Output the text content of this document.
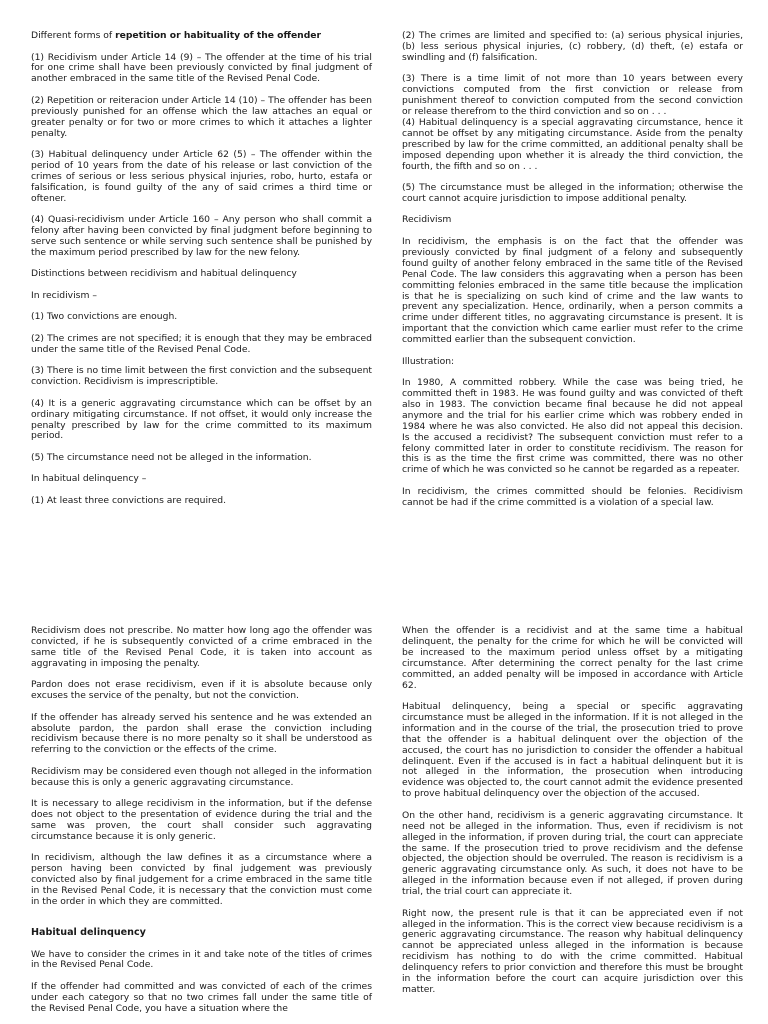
Different forms of repetition or habituality of the offender

(1) Recidivism under Article 14 (9) – The offender at the time of his trial for one crime shall have been previously convicted by final judgment of another embraced in the same title of the Revised Penal Code.

(2) Repetition or reiteracion under Article 14 (10) – The offender has been previously punished for an offense which the law attaches an equal or greater penalty or for two or more crimes to which it attaches a lighter penalty.

(3) Habitual delinquency under Article 62 (5) – The offender within the period of 10 years from the date of his release or last conviction of the crimes of serious or less serious physical injuries, robo, hurto, estafa or falsification, is found guilty of the any of said crimes a third time or oftener.

(4) Quasi-recidivism under Article 160 – Any person who shall commit a felony after having been convicted by final judgment before beginning to serve such sentence or while serving such sentence shall be punished by the maximum period prescribed by law for the new felony.

Distinctions between recidivism and habitual delinquency

In recidivism –

(1) Two convictions are enough.

(2) The crimes are not specified; it is enough that they may be embraced under the same title of the Revised Penal Code.

(3) There is no time limit between the first conviction and the subsequent conviction. Recidivism is imprescriptible.

(4) It is a generic aggravating circumstance which can be offset by an ordinary mitigating circumstance. If not offset, it would only increase the penalty prescribed by law for the crime committed to its maximum period.

(5) The circumstance need not be alleged in the information.

In habitual delinquency –

(1) At least three convictions are required.

(2) The crimes are limited and specified to: (a) serious physical injuries, (b) less serious physical injuries, (c) robbery, (d) theft, (e) estafa or swindling and (f) falsification.

(3) There is a time limit of not more than 10 years between every convictions computed from the first conviction or release from punishment thereof to conviction computed from the second conviction or release therefrom to the third conviction and so on . . .
(4) Habitual delinquency is a special aggravating circumstance, hence it cannot be offset by any mitigating circumstance. Aside from the penalty prescribed by law for the crime committed, an additional penalty shall be imposed depending upon whether it is already the third conviction, the fourth, the fifth and so on . . .

(5) The circumstance must be alleged in the information; otherwise the court cannot acquire jurisdiction to impose additional penalty.

Recidivism

In recidivism, the emphasis is on the fact that the offender was previously convicted by final judgment of a felony and subsequently found guilty of another felony embraced in the same title of the Revised Penal Code. The law considers this aggravating when a person has been committing felonies embraced in the same title because the implication is that he is specializing on such kind of crime and the law wants to prevent any specialization. Hence, ordinarily, when a person commits a crime under different titles, no aggravating circumstance is present. It is important that the conviction which came earlier must refer to the crime committed earlier than the subsequent conviction.

Illustration:

In 1980, A committed robbery. While the case was being tried, he committed theft in 1983. He was found guilty and was convicted of theft also in 1983. The conviction became final because he did not appeal anymore and the trial for his earlier crime which was robbery ended in 1984 where he was also convicted. He also did not appeal this decision. Is the accused a recidivist? The subsequent conviction must refer to a felony committed later in order to constitute recidivism. The reason for this is as the time the first crime was committed, there was no other crime of which he was convicted so he cannot be regarded as a repeater.

In recidivism, the crimes committed should be felonies. Recidivism cannot be had if the crime committed is a violation of a special law.

Recidivism does not prescribe. No matter how long ago the offender was convicted, if he is subsequently convicted of a crime embraced in the same title of the Revised Penal Code, it is taken into account as aggravating in imposing the penalty.

Pardon does not erase recidivism, even if it is absolute because only excuses the service of the penalty, but not the conviction.

If the offender has already served his sentence and he was extended an absolute pardon, the pardon shall erase the conviction including recidivism because there is no more penalty so it shall be understood as referring to the conviction or the effects of the crime.

Recidivism may be considered even though not alleged in the information because this is only a generic aggravating circumstance.

It is necessary to allege recidivism in the information, but if the defense does not object to the presentation of evidence during the trial and the same was proven, the court shall consider such aggravating circumstance because it is only generic.

In recidivism, although the law defines it as a circumstance where a person having been convicted by final judgement was previously convicted also by final judgement for a crime embraced in the same title in the Revised Penal Code, it is necessary that the conviction must come in the order in which they are committed.

Habitual delinquency

We have to consider the crimes in it and take note of the titles of crimes in the Revised Penal Code.

If the offender had committed and was convicted of each of the crimes under each category so that no two crimes fall under the same title of the Revised Penal Code, you have a situation where the

When the offender is a recidivist and at the same time a habitual delinquent, the penalty for the crime for which he will be convicted will be increased to the maximum period unless offset by a mitigating circumstance. After determining the correct penalty for the last crime committed, an added penalty will be imposed in accordance with Article 62.

Habitual delinquency, being a special or specific aggravating circumstance must be alleged in the information. If it is not alleged in the information and in the course of the trial, the prosecution tried to prove that the offender is a habitual delinquent over the objection of the accused, the court has no jurisdiction to consider the offender a habitual delinquent. Even if the accused is in fact a habitual delinquent but it is not alleged in the information, the prosecution when introducing evidence was objected to, the court cannot admit the evidence presented to prove habitual delinquency over the objection of the accused.

On the other hand, recidivism is a generic aggravating circumstance. It need not be alleged in the information. Thus, even if recidivism is not alleged in the information, if proven during trial, the court can appreciate the same. If the prosecution tried to prove recidivism and the defense objected, the objection should be overruled. The reason is recidivism is a generic aggravating circumstance only. As such, it does not have to be alleged in the information because even if not alleged, if proven during trial, the trial court can appreciate it.

Right now, the present rule is that it can be appreciated even if not alleged in the information. This is the correct view because recidivism is a generic aggravating circumstance. The reason why habitual delinquency cannot be appreciated unless alleged in the information is because recidivism has nothing to do with the crime committed. Habitual delinquency refers to prior conviction and therefore this must be brought in the information before the court can acquire jurisdiction over this matter.
